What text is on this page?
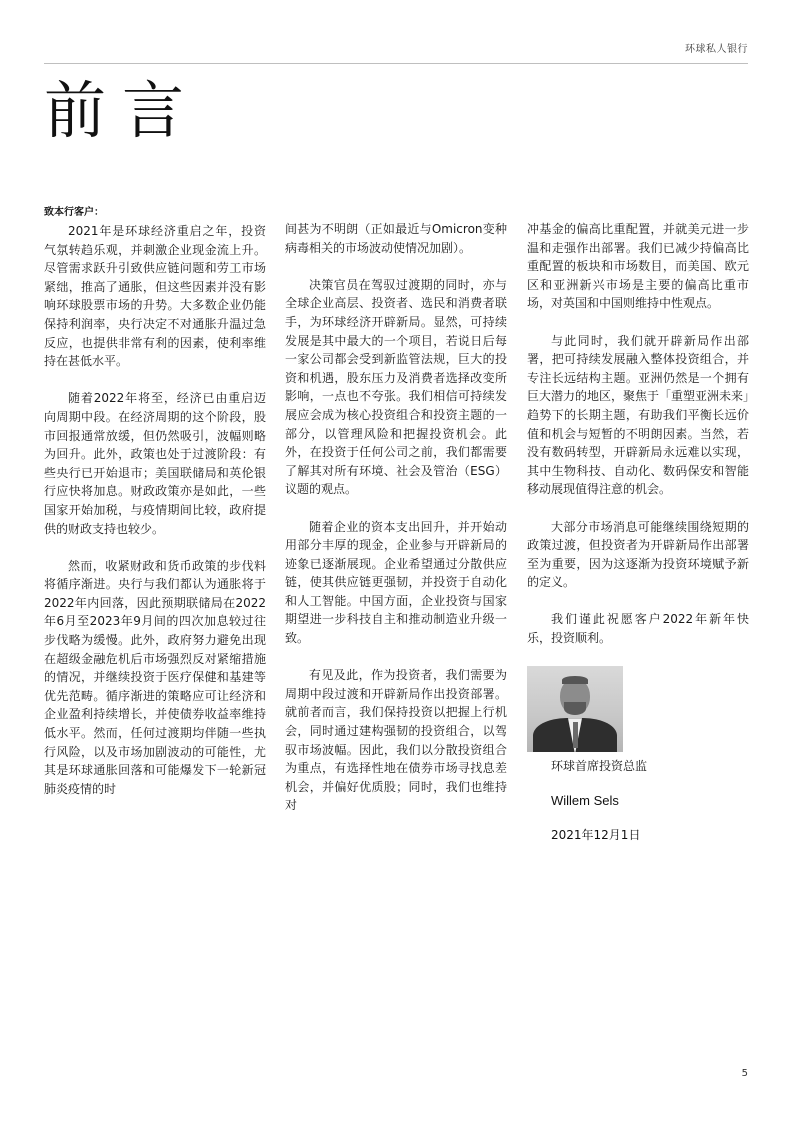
环球私人银行
前言
致本行客户：

2021年是环球经济重启之年，投资气氛转趋乐观，并刺激企业现金流上升。尽管需求跃升引致供应链问题和劳工市场紧绌，推高了通胀，但这些因素并没有影响环球股票市场的升势。大多数企业仍能保持利润率，央行决定不对通胀升温过急反应，也提供非常有利的因素，使利率维持在甚低水平。

随着2022年将至，经济已由重启迈向周期中段。在经济周期的这个阶段，股市回报通常放缓，但仍然吸引，波幅则略为回升。此外，政策也处于过渡阶段：有些央行已开始退市；美国联储局和英伦银行应快将加息。财政政策亦是如此，一些国家开始加税，与疫情期间比较，政府提供的财政支持也较少。

然而，收紧财政和货币政策的步伐料将循序渐进。央行与我们都认为通胀将于2022年内回落，因此预期联储局在2022年6月至2023年9月间的四次加息较过往步伐略为缓慢。此外，政府努力避免出现在超级金融危机后市场强烈反对紧缩措施的情况，并继续投资于医疗保健和基建等优先范畴。循序渐进的策略应可让经济和企业盈利持续增长，并使债券收益率维持低水平。然而，任何过渡期均伴随一些执行风险，以及市场加剧波动的可能性，尤其是环球通胀回落和可能爆发下一轮新冠肺炎疫情的时

间甚为不明朗（正如最近与Omicron变种病毒相关的市场波动使情况加剧）。

决策官员在驾驭过渡期的同时，亦与全球企业高层、投资者、选民和消费者联手，为环球经济开辟新局。显然，可持续发展是其中最大的一个项目，若说日后每一家公司都会受到新监管法规，巨大的投资和机遇，股东压力及消费者选择改变所影响，一点也不夸张。我们相信可持续发展应会成为核心投资组合和投资主题的一部分，以管理风险和把握投资机会。此外，在投资于任何公司之前，我们都需要了解其对所有环境、社会及管治（ESG）议题的观点。

随着企业的资本支出回升，并开始动用部分丰厚的现金，企业参与开辟新局的迹象已逐渐展现。企业希望通过分散供应链，使其供应链更强韧，并投资于自动化和人工智能。中国方面，企业投资与国家期望进一步科技自主和推动制造业升级一致。

有见及此，作为投资者，我们需要为周期中段过渡和开辟新局作出投资部署。就前者而言，我们保持投资以把握上行机会，同时通过建构强韧的投资组合，以驾驭市场波幅。因此，我们以分散投资组合为重点，有选择性地在债券市场寻找息差机会，并偏好优质股；同时，我们也维持对

冲基金的偏高比重配置，并就美元进一步温和走强作出部署。我们已减少持偏高比重配置的板块和市场数目，而美国、欧元区和亚洲新兴市场是主要的偏高比重市场，对英国和中国则维持中性观点。

与此同时，我们就开辟新局作出部署，把可持续发展融入整体投资组合，并专注长远结构主题。亚洲仍然是一个拥有巨大潜力的地区，聚焦于「重塑亚洲未来」趋势下的长期主题，有助我们平衡长远价值和机会与短暂的不明朗因素。当然，若没有数码转型，开辟新局永远难以实现，其中生物科技、自动化、数码保安和智能移动展现值得注意的机会。

大部分市场消息可能继续围绕短期的政策过渡，但投资者为开辟新局作出部署至为重要，因为这逐渐为投资环境赋予新的定义。

我们谨此祝愿客户2022年新年快乐，投资顺利。

环球首席投资总监

Willem Sels

2021年12月1日

5
